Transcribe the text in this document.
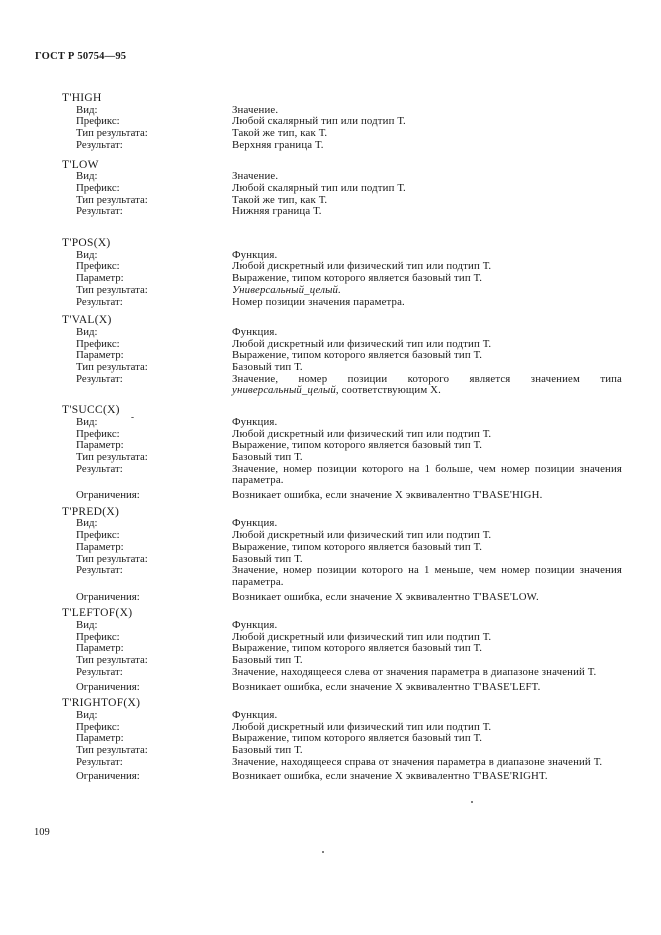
ГОСТ Р 50754—95
T'HIGH
Вид:	Значение.
Префикс:	Любой скалярный тип или подтип Т.
Тип результата:	Такой же тип, как Т.
Результат:	Верхняя граница Т.
T'LOW
Вид:	Значение.
Префикс:	Любой скалярный тип или подтип Т.
Тип результата:	Такой же тип, как Т.
Результат:	Нижняя граница Т.
T'POS(X)
Вид:	Функция.
Префикс:	Любой дискретный или физический тип или подтип Т.
Параметр:	Выражение, типом которого является базовый тип Т.
Тип результата:	Универсальный_целый.
Результат:	Номер позиции значения параметра.
T'VAL(X)
Вид:	Функция.
Префикс:	Любой дискретный или физический тип или подтип Т.
Параметр:	Выражение, типом которого является базовый тип Т.
Тип результата:	Базовый тип Т.
Результат:	Значение, номер позиции которого является значением типа универсальный_целый, соответствующим Х.
T'SUCC(X)
Вид:	Функция.
Префикс:	Любой дискретный или физический тип или подтип Т.
Параметр:	Выражение, типом которого является базовый тип Т.
Тип результата:	Базовый тип Т.
Результат:	Значение, номер позиции которого на 1 больше, чем номер позиции значения параметра.
Ограничения:	Возникает ошибка, если значение Х эквивалентно T'BASE'HIGH.
T'PRED(X)
Вид:	Функция.
Префикс:	Любой дискретный или физический тип или подтип Т.
Параметр:	Выражение, типом которого является базовый тип Т.
Тип результата:	Базовый тип Т.
Результат:	Значение, номер позиции которого на 1 меньше, чем номер позиции значения параметра.
Ограничения:	Возникает ошибка, если значение Х эквивалентно T'BASE'LOW.
T'LEFTOF(X)
Вид:	Функция.
Префикс:	Любой дискретный или физический тип или подтип Т.
Параметр:	Выражение, типом которого является базовый тип Т.
Тип результата:	Базовый тип Т.
Результат:	Значение, находящееся слева от значения параметра в диапазоне значений Т.
Ограничения:	Возникает ошибка, если значение Х эквивалентно T'BASE'LEFT.
T'RIGHTOF(X)
Вид:	Функция.
Префикс:	Любой дискретный или физический тип или подтип Т.
Параметр:	Выражение, типом которого является базовый тип Т.
Тип результата:	Базовый тип Т.
Результат:	Значение, находящееся справа от значения параметра в диапазоне значений Т.
Ограничения:	Возникает ошибка, если значение Х эквивалентно T'BASE'RIGHT.
109
